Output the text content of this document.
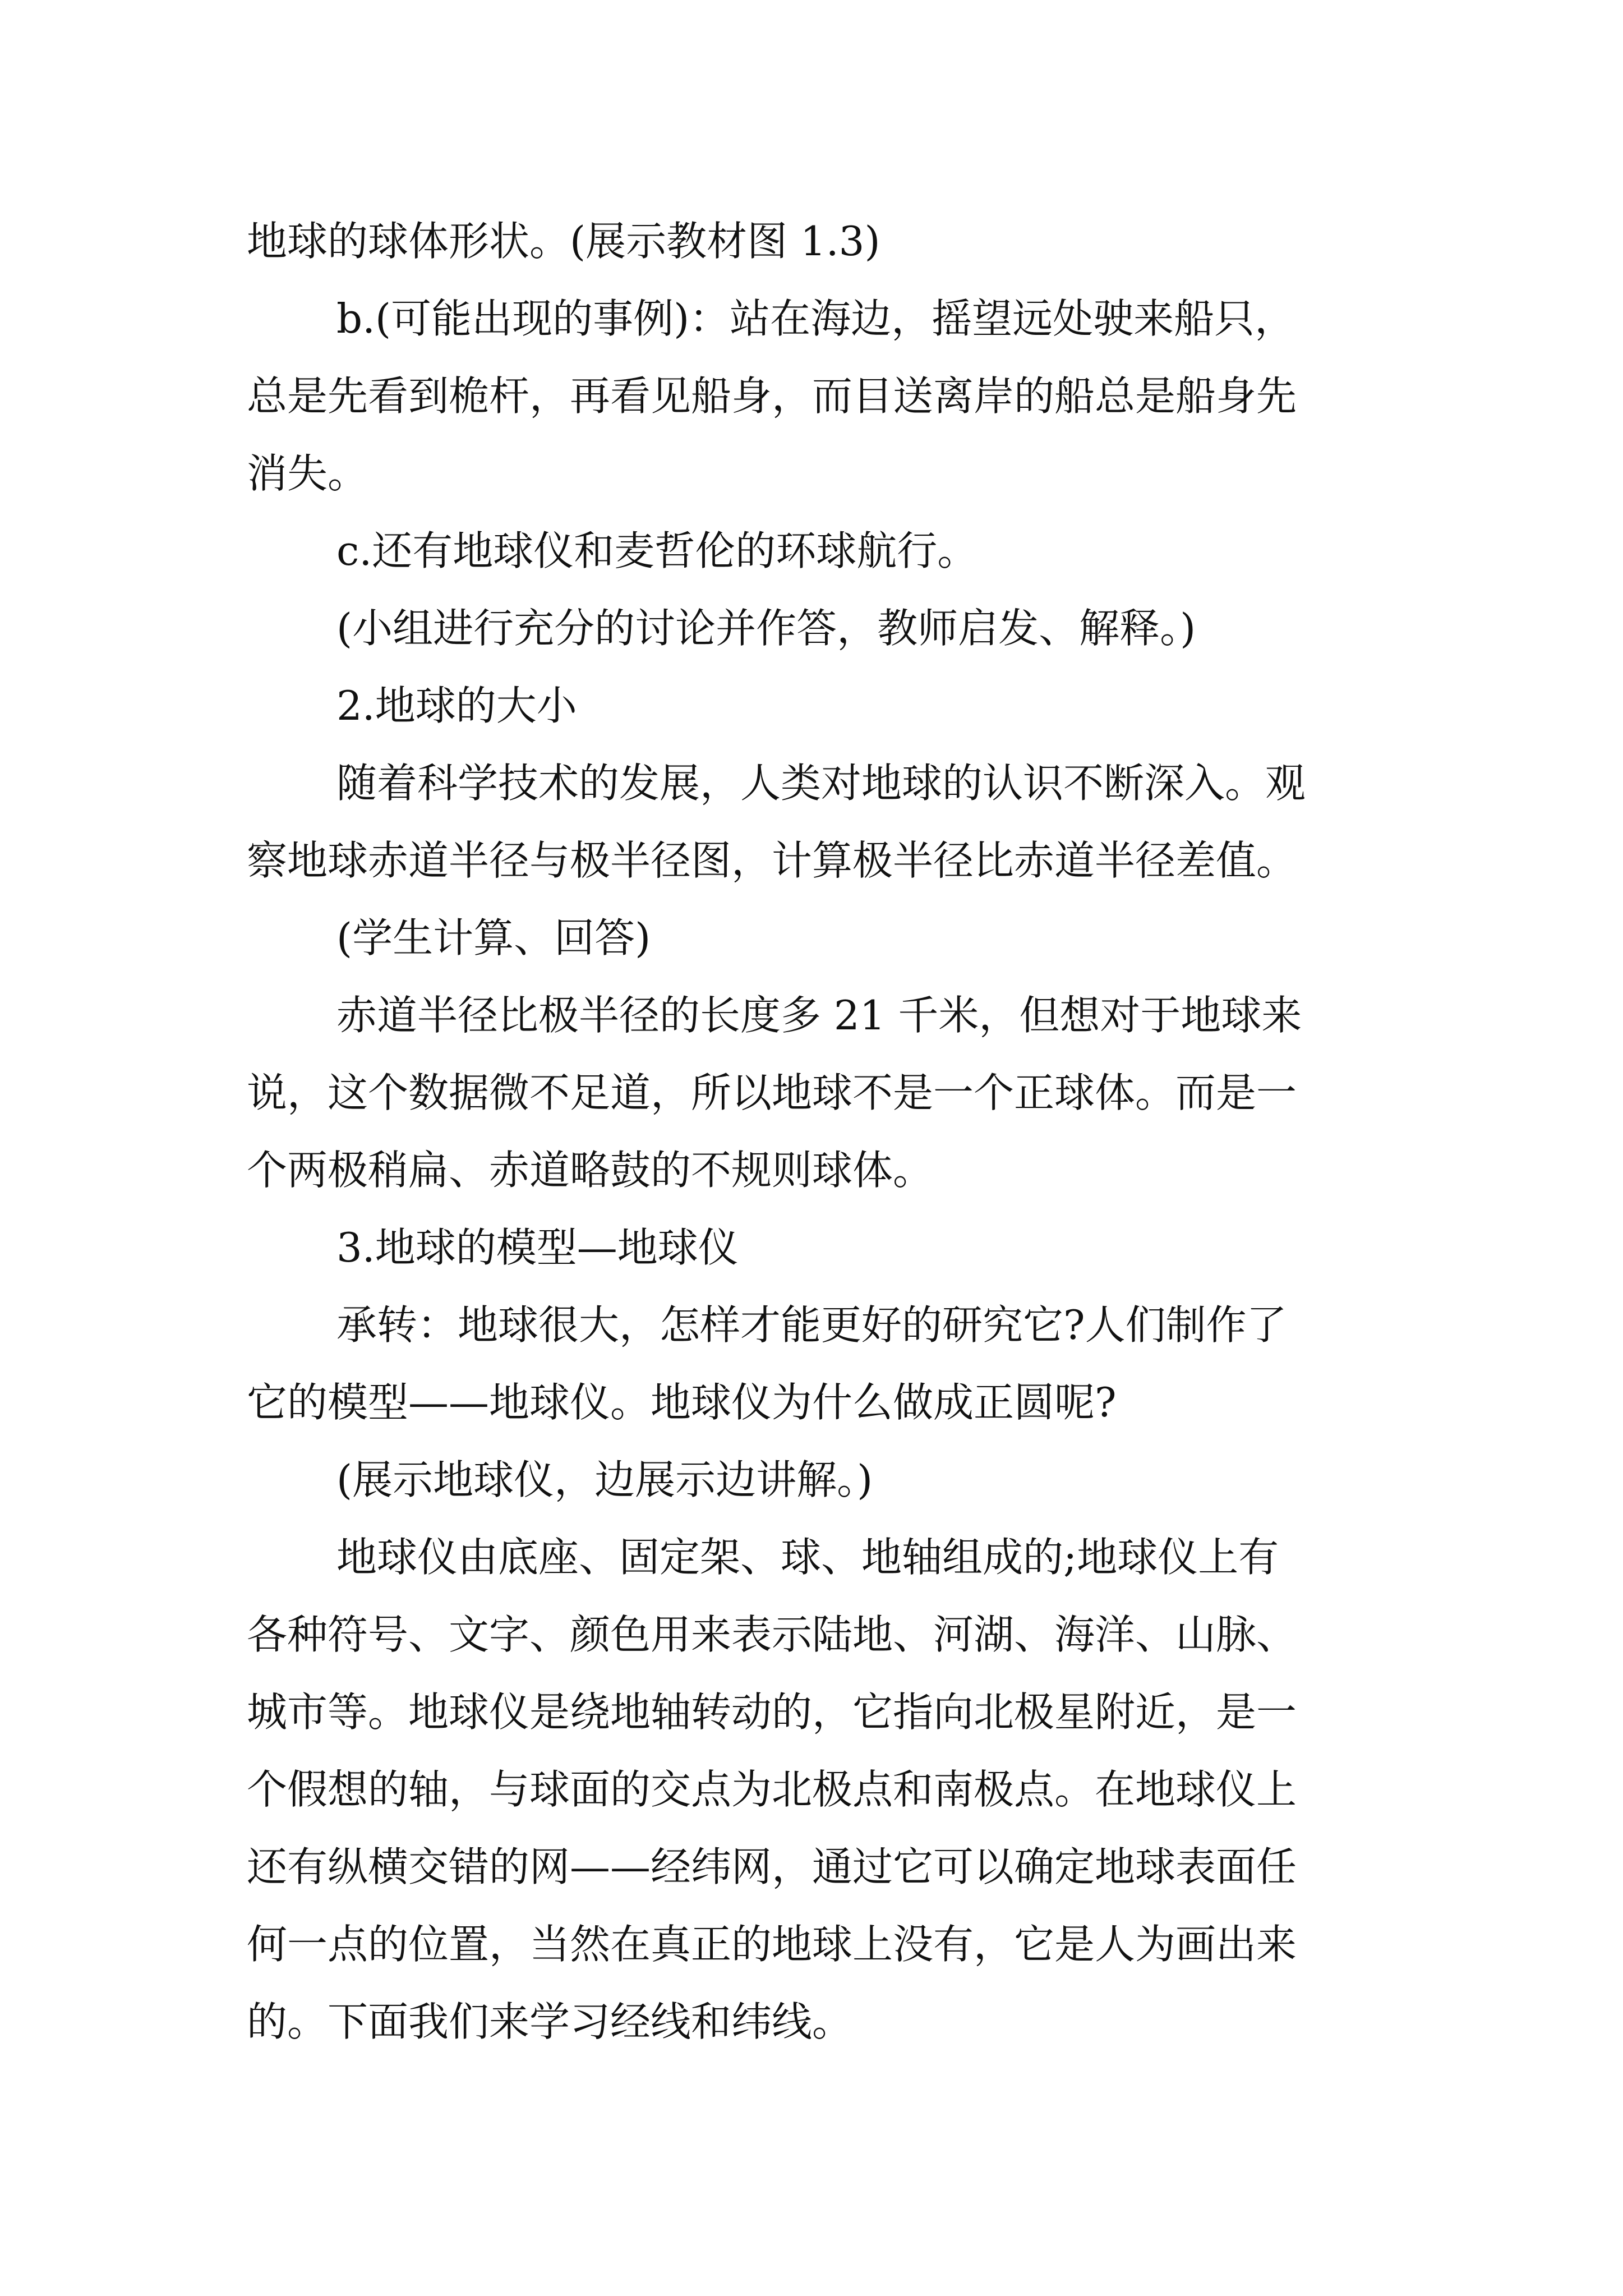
地球的球体形状。(展示教材图 1.3)
b.(可能出现的事例)：站在海边，摇望远处驶来船只，
总是先看到桅杆，再看见船身，而目送离岸的船总是船身先
消失。
c.还有地球仪和麦哲伦的环球航行。
(小组进行充分的讨论并作答，教师启发、解释。)
2.地球的大小
随着科学技术的发展，人类对地球的认识不断深入。观
察地球赤道半径与极半径图，计算极半径比赤道半径差值。
(学生计算、回答)
赤道半径比极半径的长度多 21 千米，但想对于地球来
说，这个数据微不足道，所以地球不是一个正球体。而是一
个两极稍扁、赤道略鼓的不规则球体。
3.地球的模型—地球仪
承转：地球很大，怎样才能更好的研究它?人们制作了
它的模型——地球仪。地球仪为什么做成正圆呢?
(展示地球仪，边展示边讲解。)
地球仪由底座、固定架、球、地轴组成的;地球仪上有
各种符号、文字、颜色用来表示陆地、河湖、海洋、山脉、
城市等。地球仪是绕地轴转动的，它指向北极星附近，是一
个假想的轴，与球面的交点为北极点和南极点。在地球仪上
还有纵横交错的网——经纬网，通过它可以确定地球表面任
何一点的位置，当然在真正的地球上没有，它是人为画出来
的。下面我们来学习经线和纬线。
